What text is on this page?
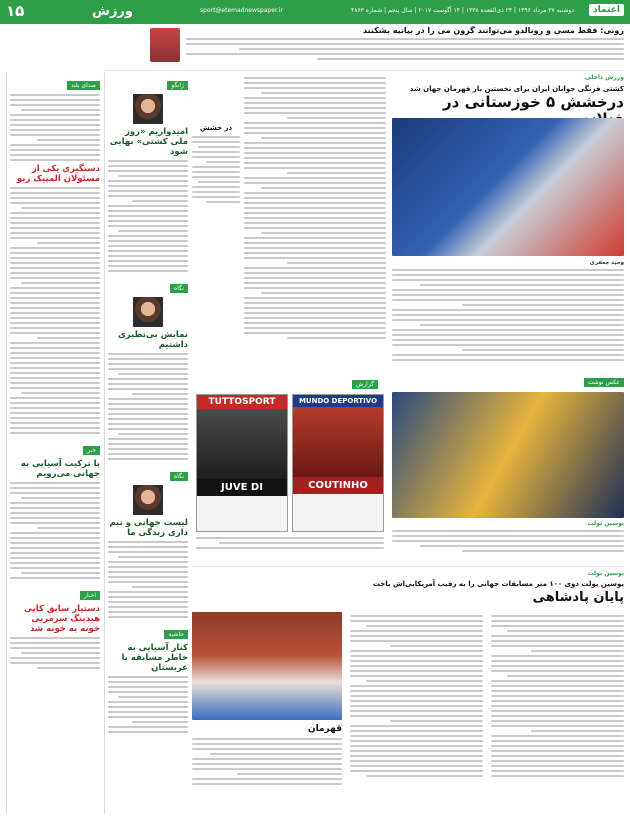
اعتماد
دوشنبه ۲۷ مرداد ۱۳۹۶ | ۲۴ ذی‌القعده ۱۴۳۸ | ۱۴ آگوست ۲۰۱۷ | سال پنجم | شماره ۴۸۶۳
sport@etemadnewspaper.ir
ورزش
۱۵
رونی: فقط مسی و رونالدو می‌توانند گرون می را در بیانیه بشکنند
ورزش داخلی
کشتی فرنگی جوانان ایران برای نخستین بار قهرمان جهان شد
درخشش ۵ خوزستانی در
وحید جعفری
در خشش
گزارش
TUTTOSPORT
JUVE DI
MUNDO DEPORTIVO
COUTINHO
عکس نوشت
یوسین بولت
یوسین بولت
یوسین بولت دوی ۱۰۰ متر مسابقات جهانی را به رقیب آمریکایی‌اش باخت
پایان پادشاهی
قهرمان
ژانگو
امیدواریم «روز ملی کشتی» نهایی شود
نگاه
نمایش بی‌نظیری داشتیم
نگاه
لیست جهانی و تیم داری زندگی ما
حاشیه
کنار آسیایی به خاطر مسابقه با عربستان
صدای بلند
دستگیری یکی از مسئولان المپیک ریو
خبر
با ترکیب آسیایی به جهانی می‌رویم
اخبار
دستیار سابق کاپی هیدینگ سرمربی خونه به خونه شد
